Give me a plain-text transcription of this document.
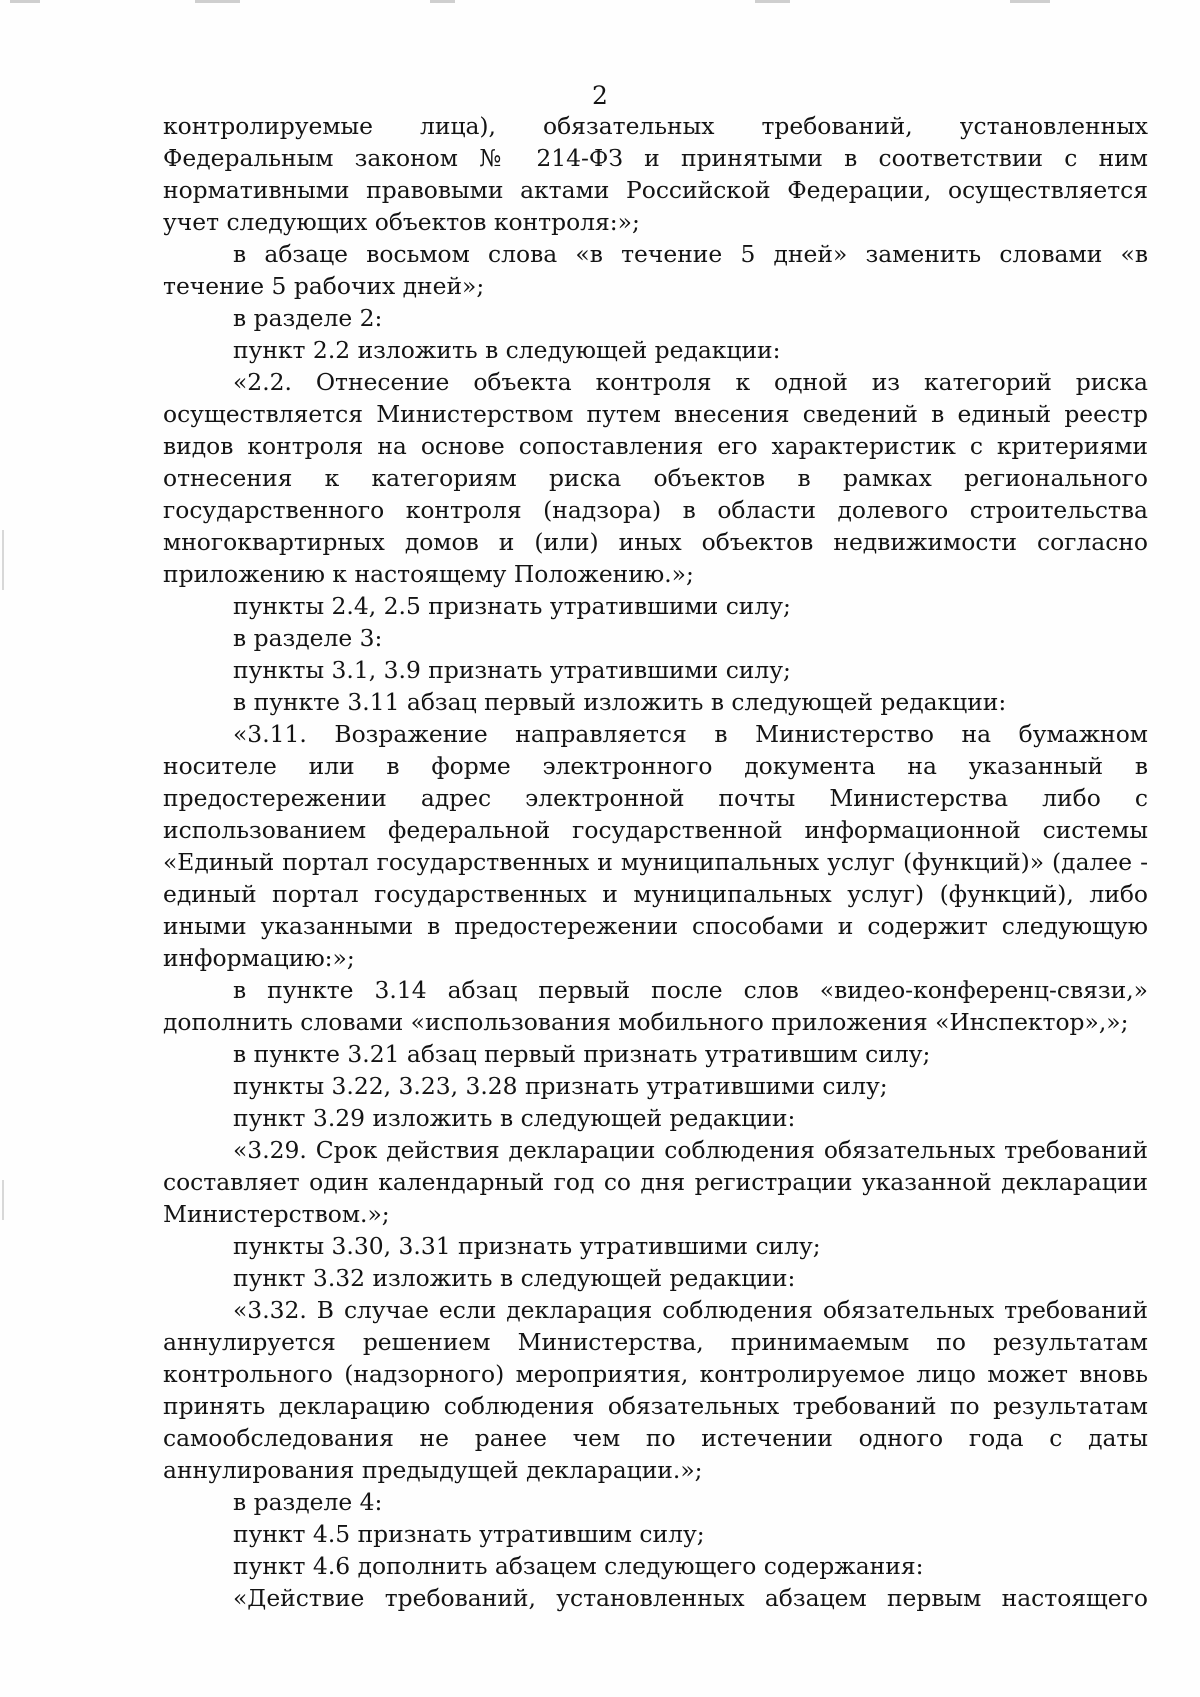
2

контролируемые лица), обязательных требований, установленных Федеральным законом № 214-ФЗ и принятыми в соответствии с ним нормативными правовыми актами Российской Федерации, осуществляется учет следующих объектов контроля:»;

в абзаце восьмом слова «в течение 5 дней» заменить словами «в течение 5 рабочих дней»;

в разделе 2:

пункт 2.2 изложить в следующей редакции:

«2.2. Отнесение объекта контроля к одной из категорий риска осуществляется Министерством путем внесения сведений в единый реестр видов контроля на основе сопоставления его характеристик с критериями отнесения к категориям риска объектов в рамках регионального государственного контроля (надзора) в области долевого строительства многоквартирных домов и (или) иных объектов недвижимости согласно приложению к настоящему Положению.»;

пункты 2.4, 2.5 признать утратившими силу;

в разделе 3:

пункты 3.1, 3.9 признать утратившими силу;

в пункте 3.11 абзац первый изложить в следующей редакции:

«3.11. Возражение направляется в Министерство на бумажном носителе или в форме электронного документа на указанный в предостережении адрес электронной почты Министерства либо с использованием федеральной государственной информационной системы «Единый портал государственных и муниципальных услуг (функций)» (далее - единый портал государственных и муниципальных услуг) (функций), либо иными указанными в предостережении способами и содержит следующую информацию:»;

в пункте 3.14 абзац первый после слов «видео-конференц-связи,» дополнить словами «использования мобильного приложения «Инспектор»,»;

в пункте 3.21 абзац первый признать утратившим силу;

пункты 3.22, 3.23, 3.28 признать утратившими силу;

пункт 3.29 изложить в следующей редакции:

«3.29. Срок действия декларации соблюдения обязательных требований составляет один календарный год со дня регистрации указанной декларации Министерством.»;

пункты 3.30, 3.31 признать утратившими силу;

пункт 3.32 изложить в следующей редакции:

«3.32. В случае если декларация соблюдения обязательных требований аннулируется решением Министерства, принимаемым по результатам контрольного (надзорного) мероприятия, контролируемое лицо может вновь принять декларацию соблюдения обязательных требований по результатам самообследования не ранее чем по истечении одного года с даты аннулирования предыдущей декларации.»;

в разделе 4:

пункт 4.5 признать утратившим силу;

пункт 4.6 дополнить абзацем следующего содержания:

«Действие требований, установленных абзацем первым настоящего
